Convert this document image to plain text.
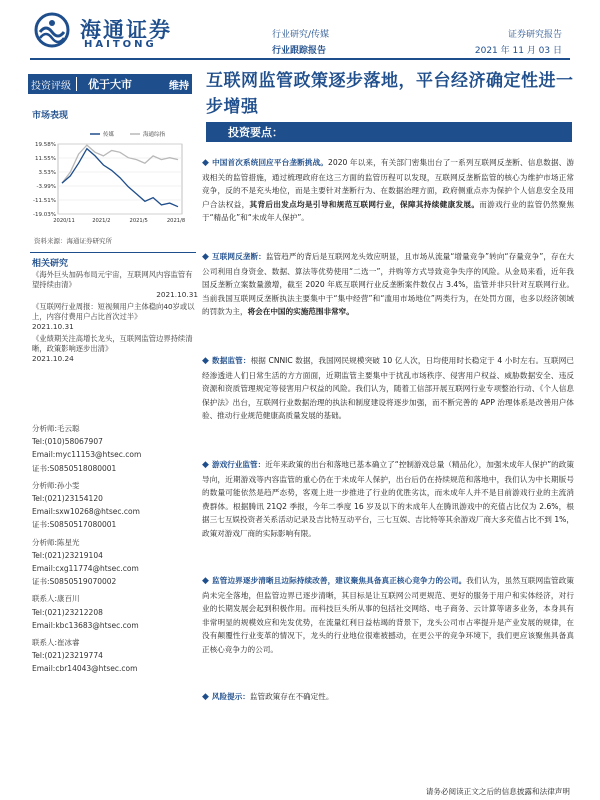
海通证券
HAITONG
行业研究/传媒
行业跟踪报告
证券研究报告
2021 年 11 月 03 日
投资评级 优于大市	维持
市场表现
19.58%
11.55%
3.53%
-3.99%
-11.51%
-19.03%
2020/11	2021/2	2021/5	2021/8
传媒	海通综指
资料来源：海通证券研究所
相关研究
《海外巨头加码布局元宇宙，互联网风内容监管有望持续由清》
2021.10.31
《互联网行业周报：短视频用户主体稳向40岁或以上，内容付费用户占比首次过半》
2021.10.31
《业绩期关注高增长龙头，互联网监管边界持续清晰，政策影响逐步出清》
2021.10.24
分析师:毛云聪
Tel:(010)58067907
Email:myc11153@htsec.com
证书:S0850518080001
分析师:孙小雯
Tel:(021)23154120
Email:sxw10268@htsec.com
证书:S0850517080001
分析师:陈星光
Tel:(021)23219104
Email:cxg11774@htsec.com
证书:S0850519070002
联系人:康百川
Tel:(021)23212208
Email:kbc13683@htsec.com
联系人:崔冰睿
Tel:(021)23219774
Email:cbr14043@htsec.com
互联网监管政策逐步落地，平台经济确定性进一步增强
投资要点：
◆ 中国首次系统回应平台垄断挑战。2020 年以来，有关部门密集出台了一系列互联网反垄断、信息数据、游戏相关的监管措施，通过梳理政府在这三方面的监管历程可以发现，互联网反垄断监管的核心为维护市场正常竞争，反的不是充头地位，而是主要针对垄断行为、在数据治理方面，政府侧重点亦为保护个人信息安全及用户合法权益，其背后出发点均是引导和规范互联网行业，保障其持续健康发展。而游戏行业的监管仍然聚焦于“精品化”和“未成年人保护”。
◆ 互联网反垄断：监管趋严的背后是互联网龙头效应明显，且市场从流量“增量竞争”转向“存量竞争”，存在大公司利用自身资金、数据、算法等优势使用“二选一”，并购等方式导致竞争失序的风险。从金局来看，近年我国反垄断立案数量激增，截至 2020 年底互联网行业反垄断案件数仅占 3.4%，监管并非只针对互联网行业。当前我国互联网反垄断执法主要集中于“集中经营”和“滥用市场地位”两类行为，在处罚方面，也多以经济领域的罚款为主，将会在中国的实施范围非常窄。
◆ 数据监管：根据 CNNIC 数据，我国网民规模突破 10 亿人次，日均使用时长稳定于 4 小时左右。互联网已经渗透进人们日常生活的方方面面，近期监管主要集中于扰乱市场秩序、侵害用户权益、威胁数据安全、违反资源和资质管理规定等侵害用户权益的风险。我们认为，随着工信部开展互联网行业专项整治行动、《个人信息保护法》出台，互联网行业数据治理的执法和制度建设将逐步加强，而不断完善的 APP 治理体系是改善用户体验、推动行业规范健康高质量发展的基础。
◆ 游戏行业监管：近年来政策的出台和落地已基本确立了“控制游戏总量（精品化），加强未成年人保护”的政策导向，近期游戏等内容监管的重心仍在于未成年人保护，出台后仍在持续规范和落地中，我们认为中长期版号的数量可能依然是趋严态势，客观上进一步推进了行业的优胜劣汰，而未成年人并不是目前游戏行业的主流消费群体。根据腾讯 21Q2 季报，今年二季度 16 岁及以下的未成年人在腾讯游戏中的充值占比仅为 2.6%，根据三七互娱投资者关系活动记录及吉比特互动平台，三七互娱、吉比特等其余游戏厂商大多充值占比不到 1%，政策对游戏厂商的实际影响有限。
◆ 监管边界逐步清晰且边际持续改善，建议聚焦具备真正核心竞争力的公司。我们认为，虽然互联网监管政策尚未完全落地，但监管边界已逐步清晰，其目标是让互联网公司更规范、更好的服务于用户和实体经济，对行业的长期发展会起到积极作用。而科技巨头所从事的包括社交网络、电子商务、云计算等诸多业务，本身具有非常明显的规模效应和先发优势，在流量红利日益枯竭的背景下，龙头公司市占率提升是产业发展的规律，在没有颠覆性行业变革的情况下，龙头的行业地位很难被撼动，在更公平的竞争环境下，我们更应该聚焦具备真正核心竞争力的公司。
◆ 风险提示：监管政策存在不确定性。
请务必阅读正文之后的信息披露和法律声明
